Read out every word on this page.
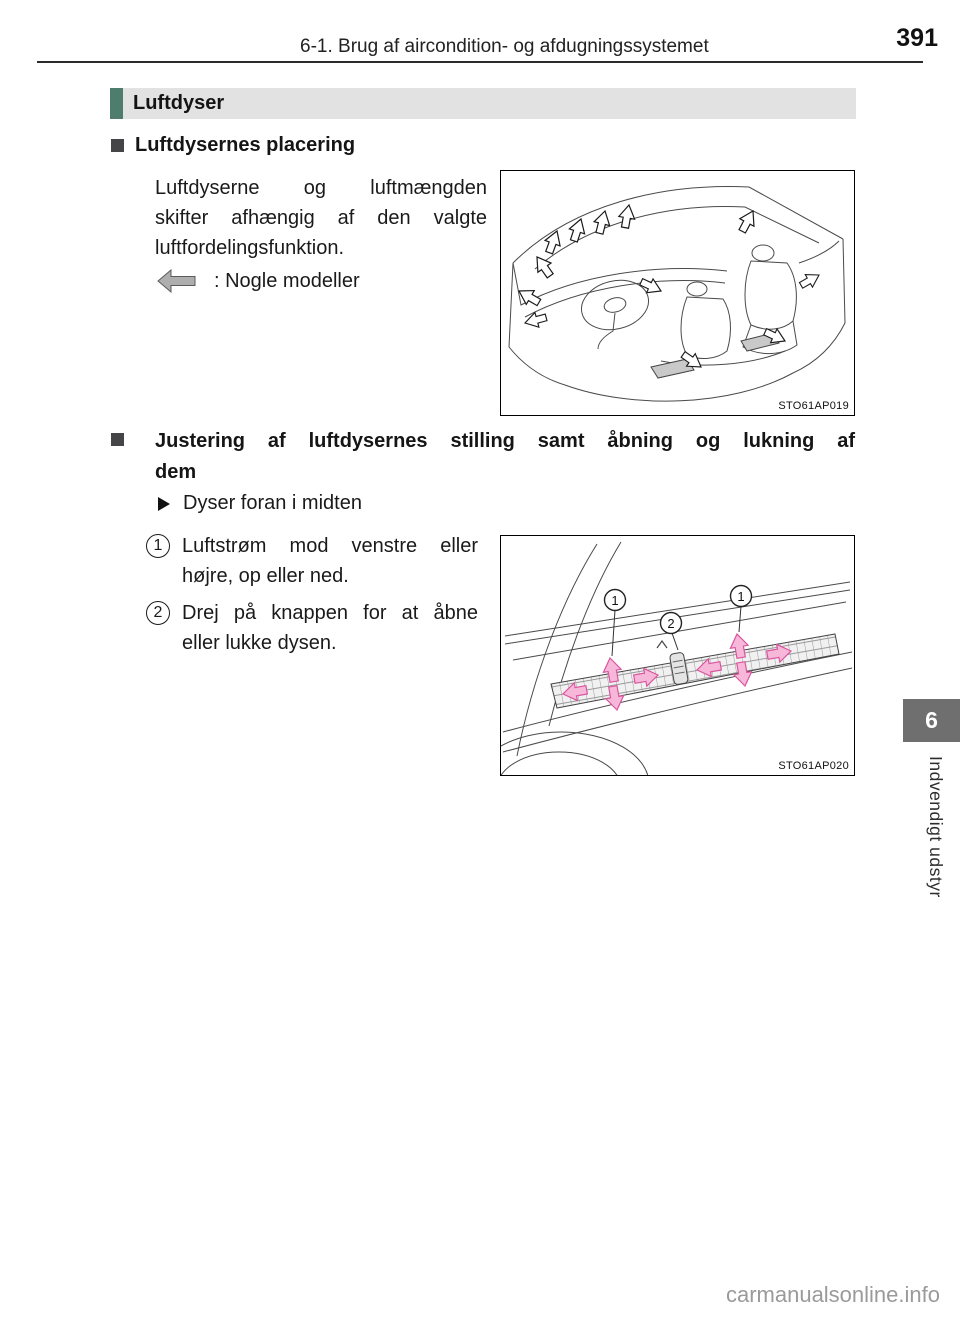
6-1. Brug af aircondition- og afdugningssystemet	391
Luftdyser
Luftdysernes placering
Luftdyserne og luftmængden
skifter afhængig af den valgte
luftfordelingsfunktion.
: Nogle modeller
STO61AP019
Justering af luftdysernes stilling samt åbning og lukning af
dem
Dyser foran i midten
1 Luftstrøm mod venstre eller
højre, op eller ned.
2 Drej på knappen for at åbne
eller lukke dysen.
1
2
1
STO61AP020
6
Indvendigt udstyr
carmanualsonline.info
